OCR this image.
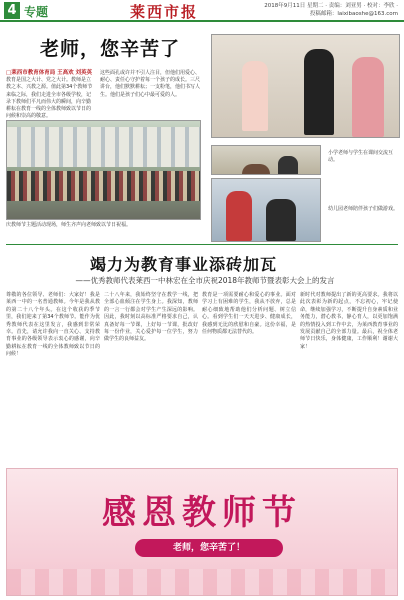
4 专题	莱西市报	2018年9月11日 星期二 · 责编：刘亚男 · 校对：李欣 · 投稿邮箱：laixibaoshe@163.com
老师，您辛苦了
□莱西市教育体育局 王高欢 刘英英
教育是国之大计、党之大计。教师是立教之本、兴教之源。值此第34个教师节来临之际，我们走进全市各级学校，记录下教师们平凡而伟大的瞬间，向辛勤耕耘在教育一线的全体教师致以节日的问候和崇高的敬意。
这些面孔或许并不引人注目，但他们用爱心、耐心、责任心守护着每一个孩子的成长。三尺讲台，他们默默耕耘；一支粉笔，他们书写人生。他们是孩子们心中最可爱的人。
庆教师节主题活动现场，师生齐声向老师致以节日祝福。
小学老师与学生在课间交流互动。
幼儿园老师陪伴孩子们做游戏。
竭力为教育事业添砖加瓦
——优秀教师代表莱西一中林宏在全市庆祝2018年教师节暨表彰大会上的发言
尊敬的各位领导、老师们：大家好！我是莱西一中的一名普通教师。今年是我从教的第二十八个年头。在这个收获的季节里，我们迎来了第34个教师节。能作为优秀教师代表在这里发言，我感到非常荣幸。首先，请允许我向一直关心、支持教育事业的各级领导表示衷心的感谢，向辛勤耕耘在教育一线的全体教师致以节日的问候！
二十八年来，我始终坚守在教学一线，把全部心血倾注在学生身上。我深知，教师的一言一行都会对学生产生深远的影响。因此，我时刻以高标准严格要求自己，认真备好每一节课，上好每一节课，批改好每一份作业，关心爱护每一位学生，努力做学生的良师益友。
教育是一项需要耐心和爱心的事业。面对学习上有困难的学生，我从不放弃，总是耐心细致地帮助他们分析问题、树立信心。看到学生们一天天进步、健康成长，我感到无比的欣慰和自豪。这份幸福，是任何物质都无法替代的。
新时代对教师提出了新的更高要求。我将以此次表彰为新的起点，不忘初心，牢记使命，继续加强学习，不断提升自身素质和业务能力，潜心教书，静心育人，以更加饱满的热情投入到工作中去，为莱西教育事业的发展贡献自己的全部力量。最后，祝全体老师节日快乐，身体健康，工作顺利！谢谢大家！
感恩教师节
老师，您辛苦了！
